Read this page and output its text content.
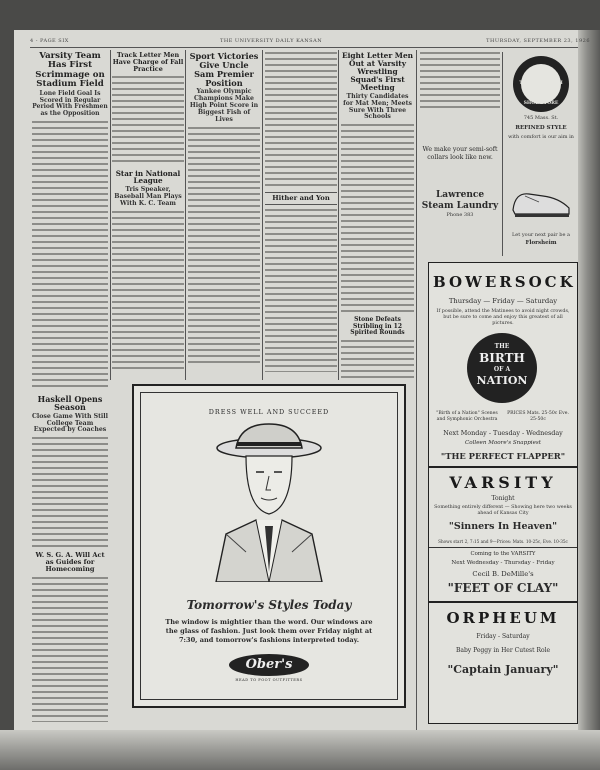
4 - PAGE SIX	THE UNIVERSITY DAILY KANSAN	THURSDAY, SEPTEMBER 23, 1926
Varsity Team Has First Scrimmage on Stadium Field
Lone Field Goal Is Scored in Regular Period With Freshmen as the Opposition
Haskell Opens Season
Close Game With Still College Team Expected by Coaches
W. S. G. A. Will Act as Guides for Homecoming
Track Letter Men Have Charge of Fall Practice
Star in National League
Tris Speaker, Baseball Man Plays With K. C. Team
Sport Victories Give Uncle Sam Premier Position
Yankee Olympic Champions Make High Point Score in Biggest Fish of Lives
Hither and Yon
Eight Letter Men Out at Varsity Wrestling Squad's First Meeting
Thirty Candidates for Mat Men; Meets Sure With Three Schools
Stone Defeats Stribling in 12 Spirited Rounds
THE SPOT CASH SHOE STORE
745 Mass. St.
REFINED STYLE
with comfort is our aim in
Let your next pair be a
Florsheim
We make your semi-soft collars look like new.
Lawrence Steam Laundry
Phone 383
BOWERSOCK
Thursday — Friday — Saturday
If possible, attend the Matinees to avoid night crowds, but be sure to come and enjoy this greatest of all pictures.
THE
BIRTH
OF A
NATION
"Birth of a Nation" Scenes and Symphonic Orchestra
PRICES Mats. 25-50c Eve. 25-50c
Next Monday - Tuesday - Wednesday
Colleen Moore's Snappiest
"THE PERFECT FLAPPER"
VARSITY
Tonight
Something entirely different — Showing here two weeks ahead of Kansas City
"Sinners In Heaven"
Shows start 2, 7:15 and 9—Prices: Mats. 10-25c, Eve. 10-35c
Coming to the VARSITY
Next Wednesday - Thursday - Friday
Cecil B. DeMille's
"FEET OF CLAY"
ORPHEUM
Friday - Saturday
Baby Peggy in Her Cutest Role
"Captain January"
DRESS WELL AND SUCCEED
Tomorrow's Styles Today
The window is mightier than the word. Our windows are the glass of fashion. Just look them over Friday night at 7:30, and tomorrow's fashions interpreted today.
Ober's
HEAD TO FOOT OUTFITTERS
